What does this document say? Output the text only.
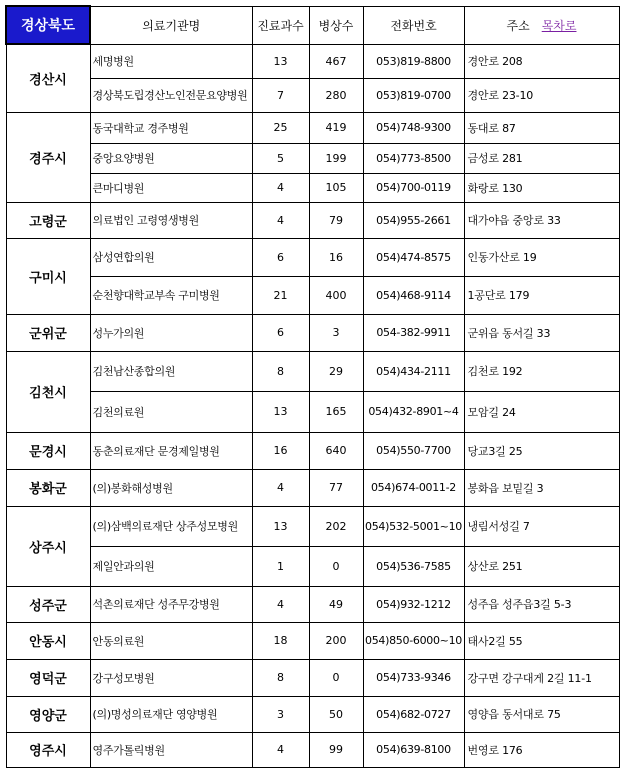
경상북도	의료기관명	진료과수	병상수	전화번호	주소 목차로
경산시	세명병원	13	467	053)819-8800	경안로 208
	경상북도립경산노인전문요양병원	7	280	053)819-0700	경안로 23-10
경주시	동국대학교 경주병원	25	419	054)748-9300	동대로 87
	중앙요양병원	5	199	054)773-8500	금성로 281
	큰마디병원	4	105	054)700-0119	화랑로 130
고령군	의료법인 고령영생병원	4	79	054)955-2661	대가야읍 중앙로 33
구미시	삼성연합의원	6	16	054)474-8575	인동가산로 19
	순천향대학교부속 구미병원	21	400	054)468-9114	1공단로 179
군위군	성누가의원	6	3	054-382-9911	군위읍 동서길 33
김천시	김천남산종합의원	8	29	054)434-2111	김천로 192
	김천의료원	13	165	054)432-8901~4	모암길 24
문경시	동춘의료재단 문경제일병원	16	640	054)550-7700	당교3길 25
봉화군	(의)봉화해성병원	4	77	054)674-0011-2	봉화읍 보밑길 3
상주시	(의)삼백의료재단 상주성모병원	13	202	054)532-5001~10	냉림서성길 7
	제일안과의원	1	0	054)536-7585	상산로 251
성주군	석촌의료재단 성주무강병원	4	49	054)932-1212	성주읍 성주읍3길 5-3
안동시	안동의료원	18	200	054)850-6000~10	태사2길 55
영덕군	강구성모병원	8	0	054)733-9346	강구면 강구대게 2길 11-1
영양군	(의)명성의료재단 영양병원	3	50	054)682-0727	영양읍 동서대로 75
영주시	영주가톨릭병원	4	99	054)639-8100	번영로 176
